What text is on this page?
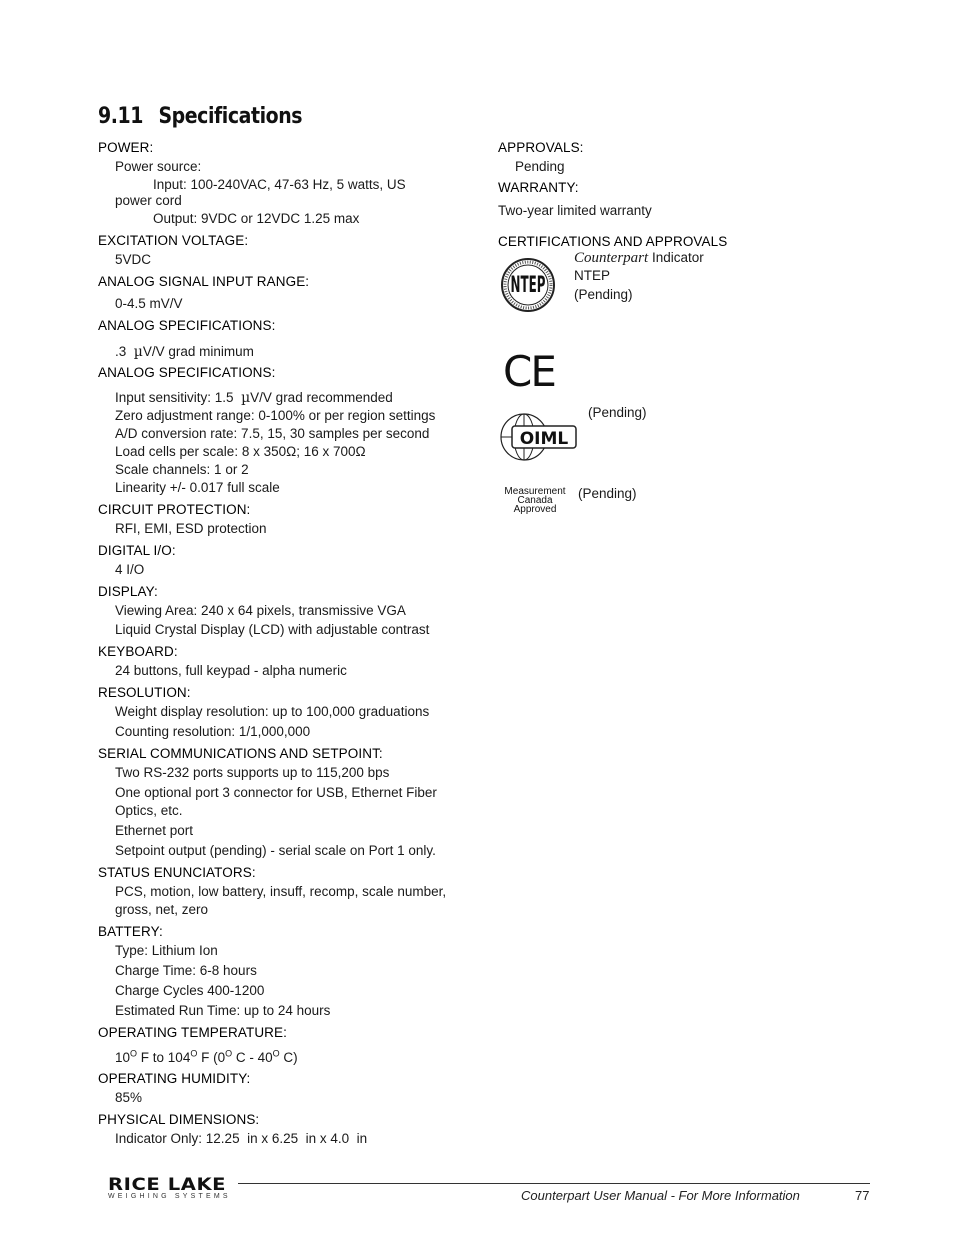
9.11 Specifications
POWER:
Power source:
Input: 100-240VAC, 47-63 Hz, 5 watts, US
power cord
Output: 9VDC or 12VDC 1.25 max
EXCITATION VOLTAGE:
5VDC
ANALOG SIGNAL INPUT RANGE:
0-4.5 mV/V
ANALOG SPECIFICATIONS:
.3  µV/V grad minimum
ANALOG SPECIFICATIONS:
Input sensitivity: 1.5  µV/V grad recommended
Zero adjustment range: 0-100% or per region settings
A/D conversion rate: 7.5, 15, 30 samples per second
Load cells per scale: 8 x 350Ω; 16 x 700Ω
Scale channels: 1 or 2
Linearity +/- 0.017 full scale
CIRCUIT PROTECTION:
RFI, EMI, ESD protection
DIGITAL I/O:
4 I/O
DISPLAY:
Viewing Area: 240 x 64 pixels, transmissive VGA
Liquid Crystal Display (LCD) with adjustable contrast
KEYBOARD:
24 buttons, full keypad - alpha numeric
RESOLUTION:
Weight display resolution: up to 100,000 graduations
Counting resolution: 1/1,000,000
SERIAL COMMUNICATIONS AND SETPOINT:
Two RS-232 ports supports up to 115,200 bps
One optional port 3 connector for USB, Ethernet Fiber
Optics, etc.
Ethernet port
Setpoint output (pending) - serial scale on Port 1 only.
STATUS ENUNCIATORS:
PCS, motion, low battery, insuff, recomp, scale number,
gross, net, zero
BATTERY:
Type: Lithium Ion
Charge Time: 6-8 hours
Charge Cycles 400-1200
Estimated Run Time: up to 24 hours
OPERATING TEMPERATURE:
$10^O$ F to $104^O$ F ($0^O$ C - $40^O$ C)
OPERATING HUMIDITY:
85%
PHYSICAL DIMENSIONS:
Indicator Only: 12.25  in x 6.25  in x 4.0  in
APPROVALS:
Pending
WARRANTY:
Two-year limited warranty
CERTIFICATIONS AND APPROVALS
NTEP
Counterpart Indicator
NTEP
(Pending)
CE
OIML
(Pending)
Measurement
Canada
Approved
(Pending)
RICE LAKE
WEIGHING SYSTEMS	Counterpart User Manual - For More Information	77
